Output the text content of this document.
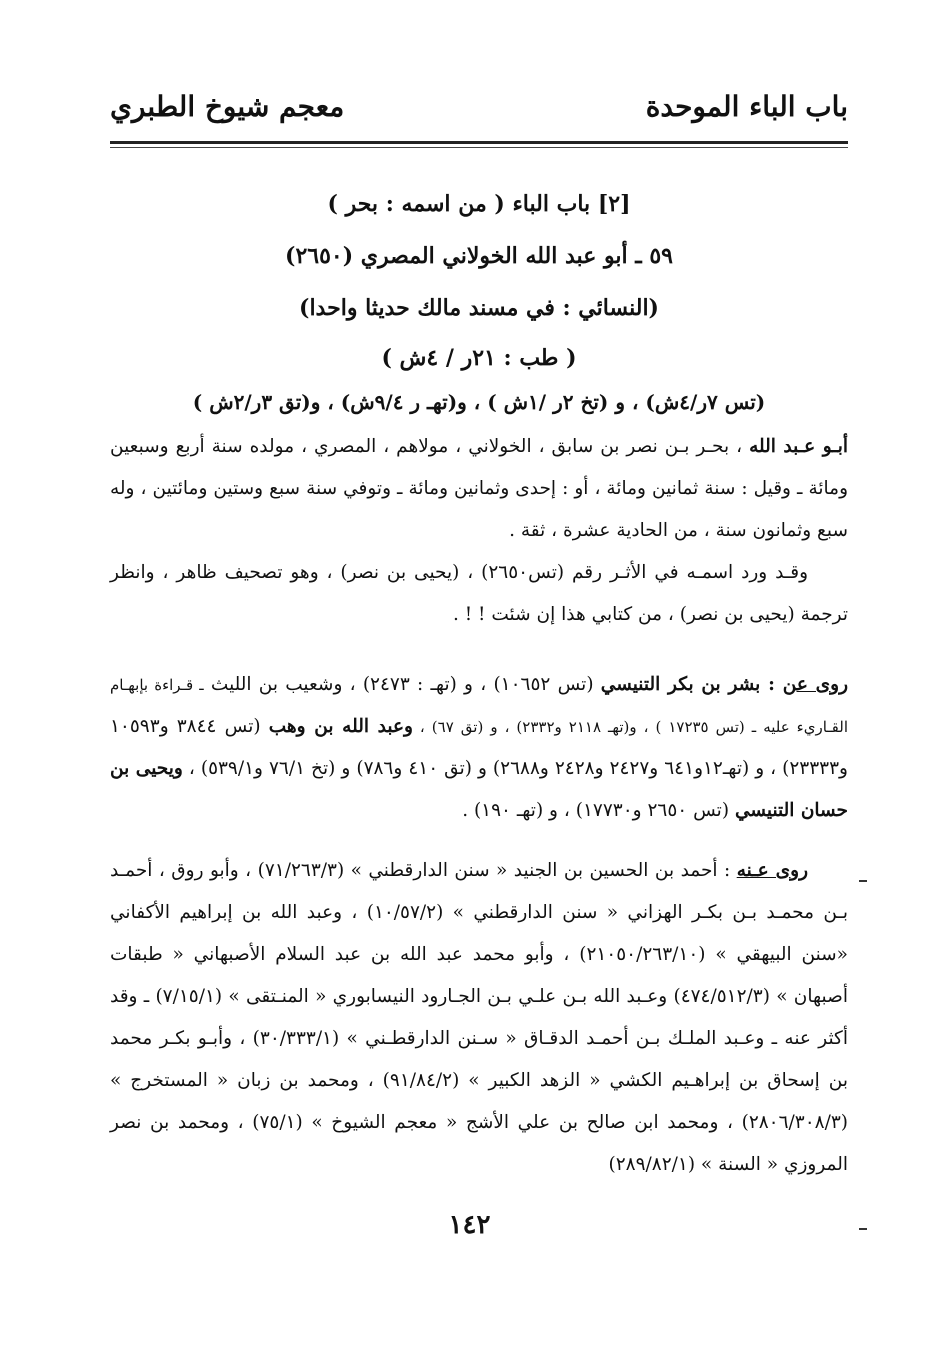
باب الباء الموحدة
معجم شيوخ الطبري
[٢] باب الباء ( من اسمه : بحر )
٥٩ ـ أبو عبد الله الخولاني المصري (٢٦٥٠)
(النسائي : في مسند مالك حديثا واحدا)
( طب : ٢١ر / ٤ش )
(تس ٧ر/٤ش) ، و (تخ ٢ر /١ش ) ، و(تهـ ر ٩/٤ش) ، و(تق ٣ر/٢ش )

أبـو عـبد الله ، بحـر بـن نصر بن سابق ، الخولاني ، مولاهم ، المصري ، مولده سنة أربع وسبعين ومائة ـ وقيل : سنة ثمانين ومائة ، أو : إحدى وثمانين ومائة ـ وتوفي سنة سبع وستين ومائتين ، وله سبع وثمانون سنة ، من الحادية عشرة ، ثقة .

وقـد ورد اسمـه في الأثـر رقم (تس٢٦٥٠) ، (يحيى بن نصر) ، وهو تصحيف ظاهر ، وانظر ترجمة (يحيى بن نصر) ، من كتابي هذا إن شئت ! ! .

روى عن : بشر بن بكر التنيسي (تس ١٠٦٥٢) ، و (تهـ : ٢٤٧٣) ، وشعيب بن الليث ـ قـراءة بإبهـام القـاريء عليه ـ (تس ١٧٢٣٥ ) ، و(تهـ ٢١١٨ و٢٣٣٢) ، و (تق ٦٧) ، وعبد الله بن وهب (تس ٣٨٤٤ و١٠٥٩٣ و٢٣٣٣٣) ، و (تهـ١٢و٦٤١ و٢٤٢٧ و٢٤٢٨ و٢٦٨٨) و (تق ٤١٠ و٧٨٦) و (تخ ٧٦/١ و٥٣٩/١) ، ويحيى بن حسان التنيسي (تس ٢٦٥٠ و١٧٧٣٠) ، و (تهـ ١٩٠) .

روى عـنه : أحمد بن الحسين بن الجنيد « سنن الدارقطني » (٧١/٢٦٣/٣) ، وأبو روق ، أحمـد بـن محمـد بـن بكـر الهزاني « سنن الدارقطني » (١٠/٥٧/٢) ، وعبد الله بن إبراهيم الأكفاني «سنن البيهقي » (٢١٠٥٠/٢٦٣/١٠) ، وأبو محمد عبد الله بن عبد السلام الأصبهاني « طبقات أصبهان » (٤٧٤/٥١٢/٣) وعـبد الله بـن علـي بـن الجـارود النيسابوري « المنـتقى » (٧/١٥/١) ـ وقد أكثر عنه ـ وعـبد الملـك بـن أحمـد الدقـاق « سـنن الدارقطـني » (٣٠/٣٣٣/١) ، وأبـو بكـر محمد بن إسحاق بن إبراهـيم الكشي « الزهد الكبير » (٩١/٨٤/٢) ، ومحمد بن زبان « المستخرج » (٢٨٠٦/٣٠٨/٣) ، ومحمد ابن صالح بن علي الأشج « معجم الشيوخ » (٧٥/١) ، ومحمد بن نصر المروزي « السنة » (٢٨٩/٨٢/١)

١٤٢
